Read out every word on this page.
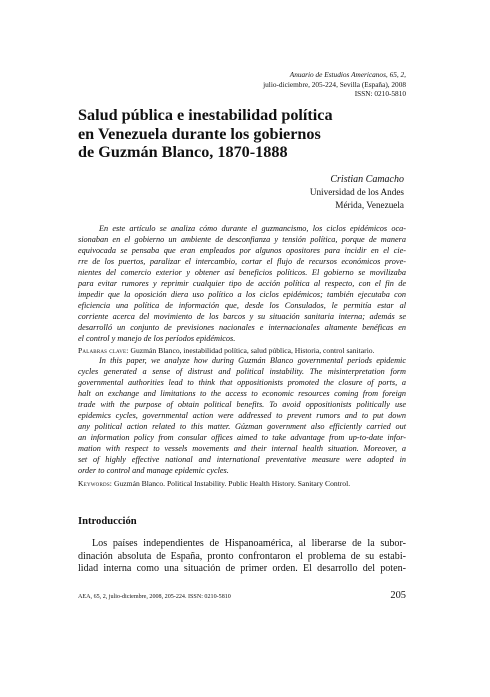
Anuario de Estudios Americanos, 65, 2,
julio-diciembre, 205-224, Sevilla (España), 2008
ISSN: 0210-5810
Salud pública e inestabilidad política
en Venezuela durante los gobiernos
de Guzmán Blanco, 1870-1888
Cristian Camacho
Universidad de los Andes
Mérida, Venezuela
En este artículo se analiza cómo durante el guzmancismo, los ciclos epidémicos oca-
sionaban en el gobierno un ambiente de desconfianza y tensión política, porque de manera
equivocada se pensaba que eran empleados por algunos opositores para incidir en el cie-
rre de los puertos, paralizar el intercambio, cortar el flujo de recursos económicos prove-
nientes del comercio exterior y obtener así beneficios políticos. El gobierno se movilizaba
para evitar rumores y reprimir cualquier tipo de acción política al respecto, con el fin de
impedir que la oposición diera uso político a los ciclos epidémicos; también ejecutaba con
eficiencia una política de información que, desde los Consulados, le permitía estar al
corriente acerca del movimiento de los barcos y su situación sanitaria interna; además se
desarrolló un conjunto de previsiones nacionales e internacionales altamente benéficas en
el control y manejo de los períodos epidémicos.
Palabras clave: Guzmán Blanco, inestabilidad política, salud pública, Historia, control sanitario.
In this paper, we analyze how during Guzmán Blanco governmental periods epidemic
cycles generated a sense of distrust and political instability. The misinterpretation form
governmental authorities lead to think that oppositionists promoted the closure of ports, a
halt on exchange and limitations to the access to economic resources coming from foreign
trade with the purpose of obtain political benefits. To avoid oppositionists politically use
epidemics cycles, governmental action were addressed to prevent rumors and to put down
any political action related to this matter. Gúzman government also efficiently carried out
an information policy from consular offices aimed to take advantage from up-to-date infor-
mation with respect to vessels movements and their internal health situation. Moreover, a
set of highly effective national and international preventative measure were adopted in
order to control and manage epidemic cycles.
Keywords: Guzmán Blanco. Political Instability. Public Health History. Sanitary Control.
Introducción
Los países independientes de Hispanoamérica, al liberarse de la subor-
dinación absoluta de España, pronto confrontaron el problema de su estabi-
lidad interna como una situación de primer orden. El desarrollo del poten-
AEA, 65, 2, julio-diciembre, 2008, 205-224. ISSN: 0210-5810	205
